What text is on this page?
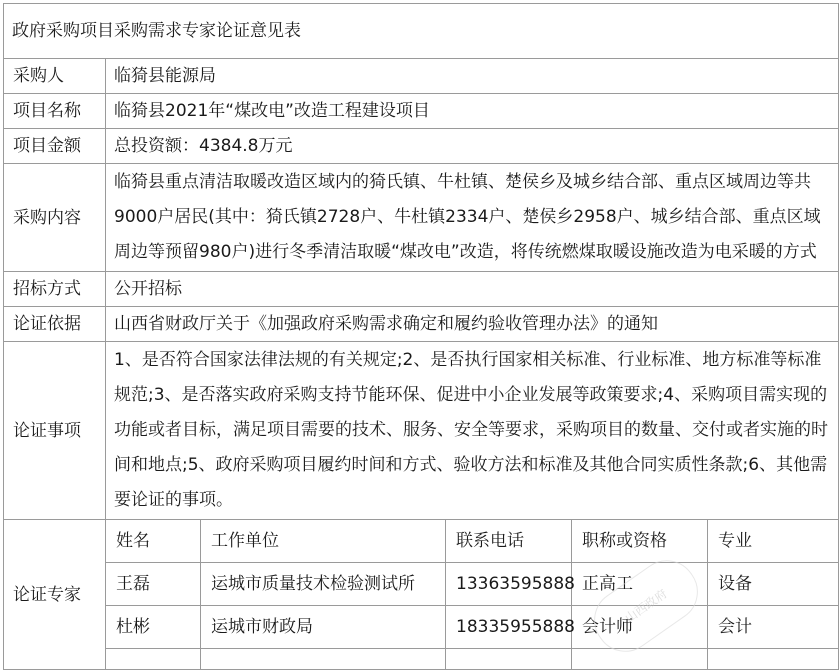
政府采购项目采购需求专家论证意见表					
采购人	临猗县能源局				
项目名称	临猗县2021年“煤改电”改造工程建设项目				
项目金额	总投资额：4384.8万元				
采购内容	临猗县重点清洁取暖改造区域内的猗氏镇、牛杜镇、楚侯乡及城乡结合部、重点区域周边等共9000户居民(其中：猗氏镇2728户、牛杜镇2334户、楚侯乡2958户、城乡结合部、重点区域周边等预留980户)进行冬季清洁取暖“煤改电”改造，将传统燃煤取暖设施改造为电采暖的方式				
招标方式	公开招标				
论证依据	山西省财政厅关于《加强政府采购需求确定和履约验收管理办法》的通知				
论证事项	1、是否符合国家法律法规的有关规定;2、是否执行国家相关标准、行业标准、地方标准等标准规范;3、是否落实政府采购支持节能环保、促进中小企业发展等政策要求;4、采购项目需实现的功能或者目标，满足项目需要的技术、服务、安全等要求，采购项目的数量、交付或者实施的时间和地点;5、政府采购项目履约时间和方式、验收方法和标准及其他合同实质性条款;6、其他需要论证的事项。				
论证专家	姓名	工作单位	联系电话	职称或资格	专业
	王磊	运城市质量技术检验测试所	13363595888	正高工	设备
	杜彬	运城市财政局	18335955888	会计师	会计

山西政府
